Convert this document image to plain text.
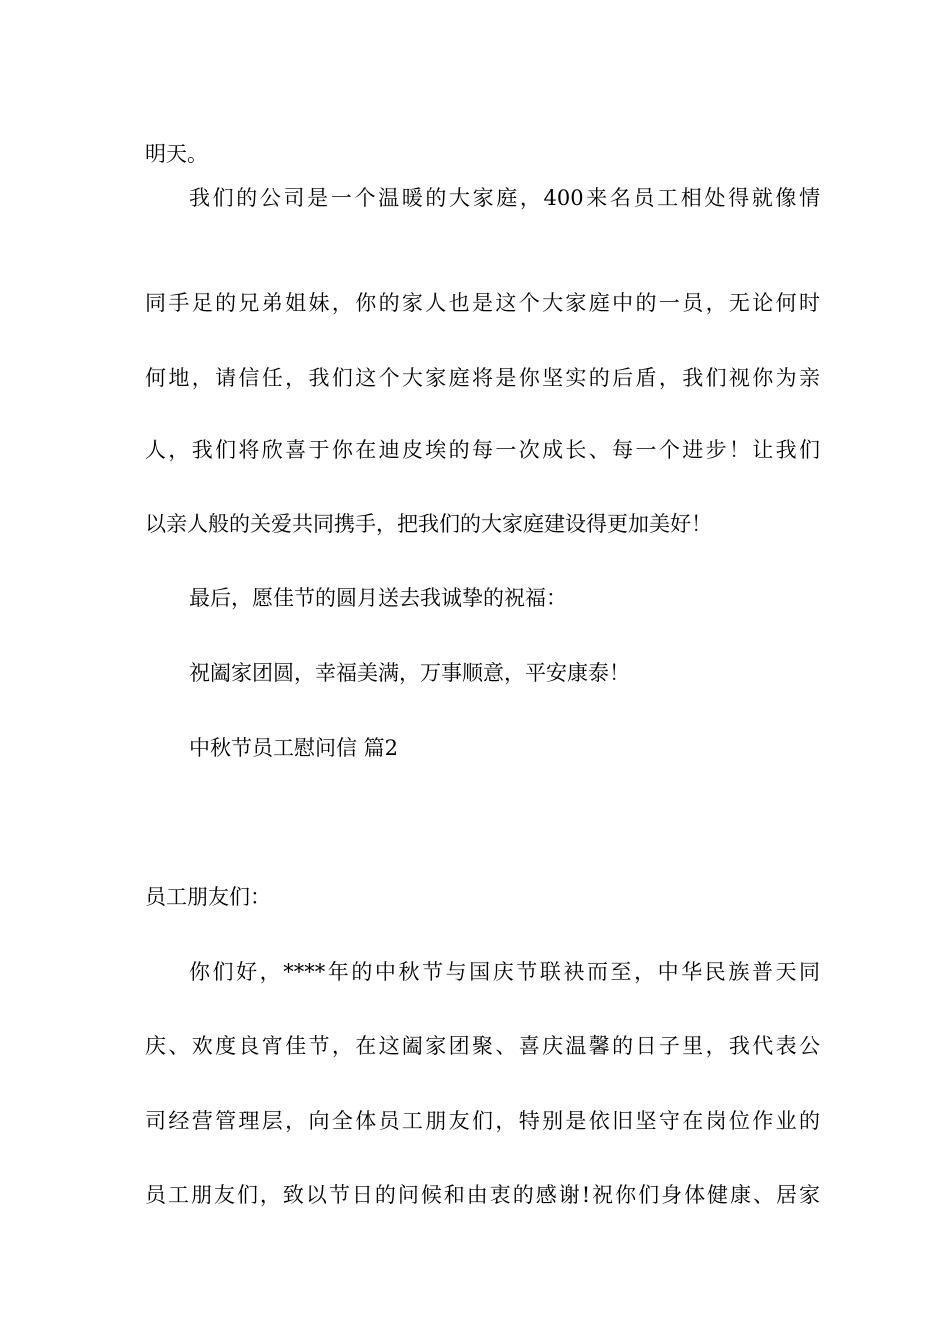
明天。
我们的公司是一个温暖的大家庭，400来名员工相处得就像情
同手足的兄弟姐妹，你的家人也是这个大家庭中的一员，无论何时
何地，请信任，我们这个大家庭将是你坚实的后盾，我们视你为亲
人，我们将欣喜于你在迪皮埃的每一次成长、每一个进步！让我们
以亲人般的关爱共同携手，把我们的大家庭建设得更加美好！
最后，愿佳节的圆月送去我诚挚的祝福：
祝阖家团圆，幸福美满，万事顺意，平安康泰！
中秋节员工慰问信 篇2
员工朋友们：
你们好，****年的中秋节与国庆节联袂而至，中华民族普天同
庆、欢度良宵佳节，在这阖家团聚、喜庆温馨的日子里，我代表公
司经营管理层，向全体员工朋友们，特别是依旧坚守在岗位作业的
员工朋友们，致以节日的问候和由衷的感谢!祝你们身体健康、居家
